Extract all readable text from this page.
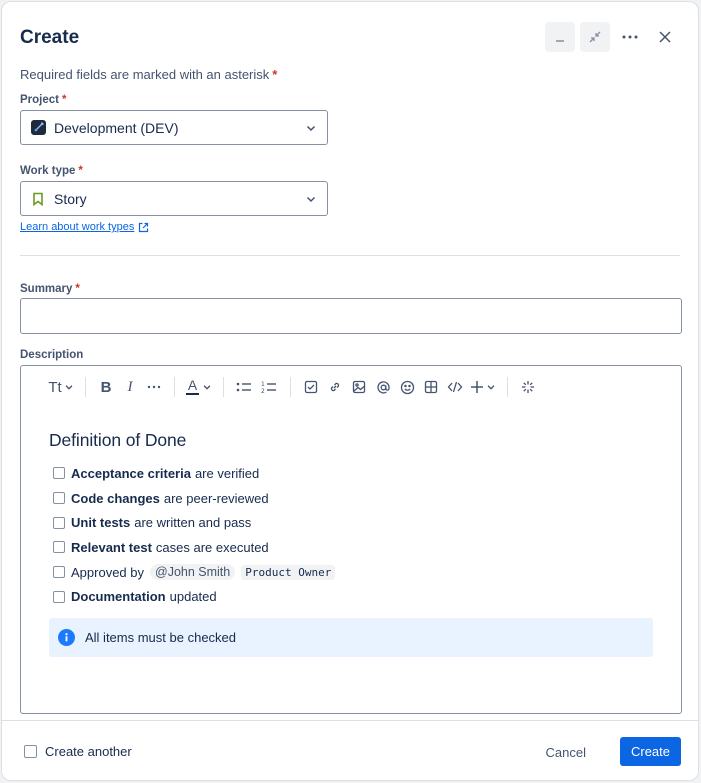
Create
Required fields are marked with an asterisk *
Project *
Development (DEV)
Work type *
Story
Learn about work types
Summary *
Description
Tt	B I	A	1
2
Definition of Done
Acceptance criteria are verified
Code changes are peer-reviewed
Unit tests are written and pass
Relevant test cases are executed
Approved by @John Smith	Product Owner
Documentation updated
All items must be checked
Create another	Cancel	Create
